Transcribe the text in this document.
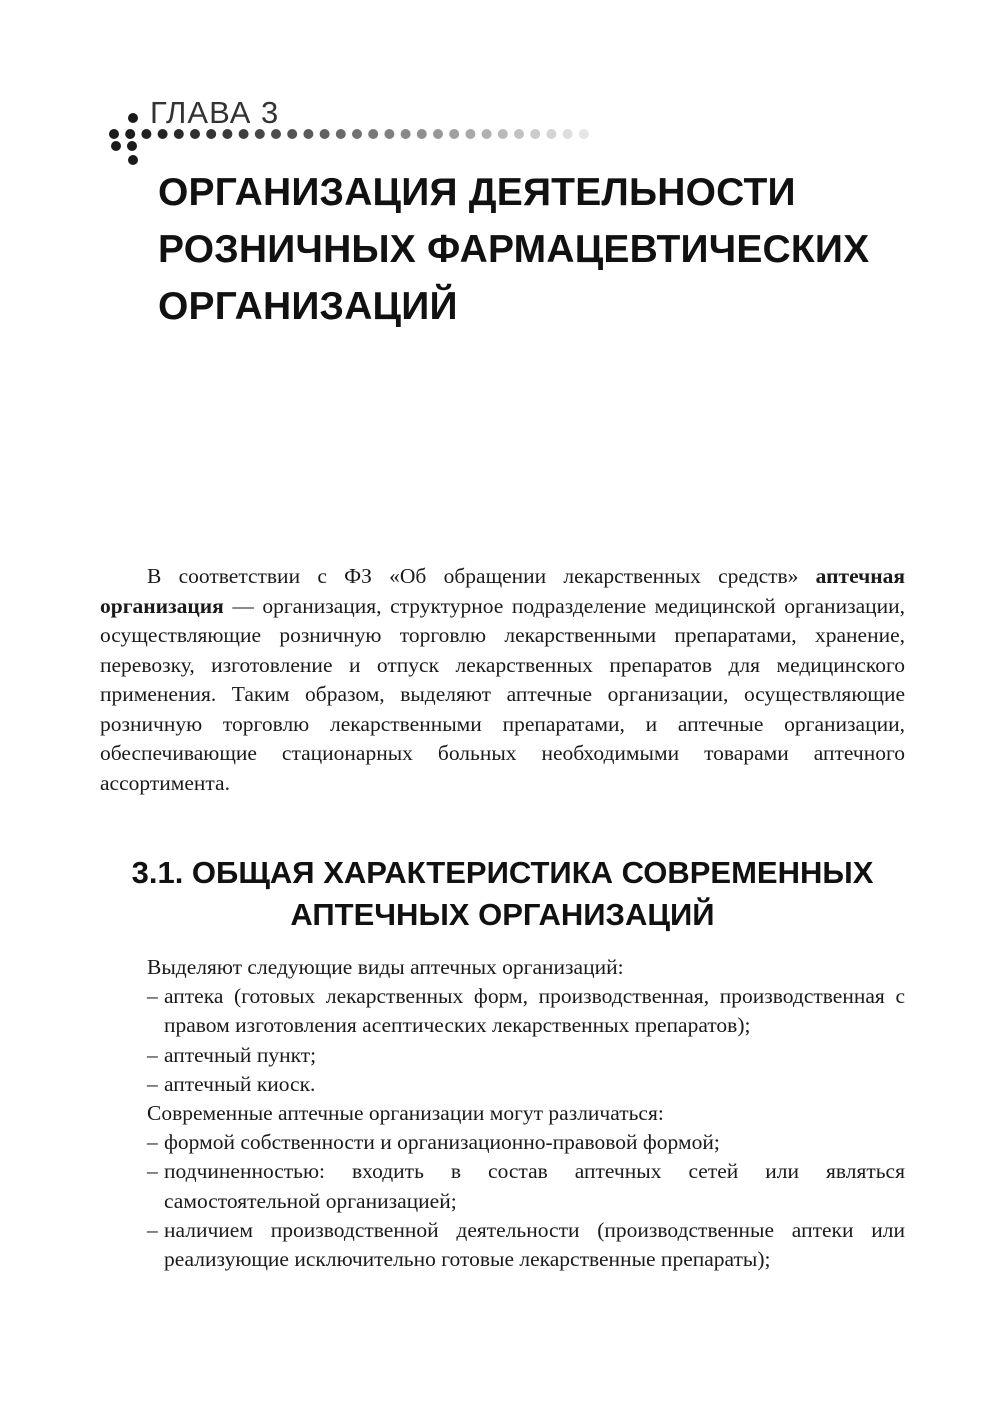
ГЛАВА 3
ОРГАНИЗАЦИЯ ДЕЯТЕЛЬНОСТИ
РОЗНИЧНЫХ ФАРМАЦЕВТИЧЕСКИХ
ОРГАНИЗАЦИЙ

В соответствии с ФЗ «Об обращении лекарственных средств» аптечная организация — организация, структурное подразделение медицинской организации, осуществляющие розничную торговлю лекарственными препаратами, хранение, перевозку, изготовление и отпуск лекарственных препаратов для медицинского применения. Таким образом, выделяют аптечные организации, осуществляющие розничную торговлю лекарственными препаратами, и аптечные организации, обеспечивающие стационарных больных необходимыми товарами аптечного ассортимента.

3.1. ОБЩАЯ ХАРАКТЕРИСТИКА СОВРЕМЕННЫХ
АПТЕЧНЫХ ОРГАНИЗАЦИЙ

Выделяют следующие виды аптечных организаций:

– аптека (готовых лекарственных форм, производственная, производственная с правом изготовления асептических лекарственных препаратов);
– аптечный пункт;
– аптечный киоск.

Современные аптечные организации могут различаться:

– формой собственности и организационно-правовой формой;
– подчиненностью: входить в состав аптечных сетей или являться самостоятельной организацией;
– наличием производственной деятельности (производственные аптеки или реализующие исключительно готовые лекарственные препараты);
